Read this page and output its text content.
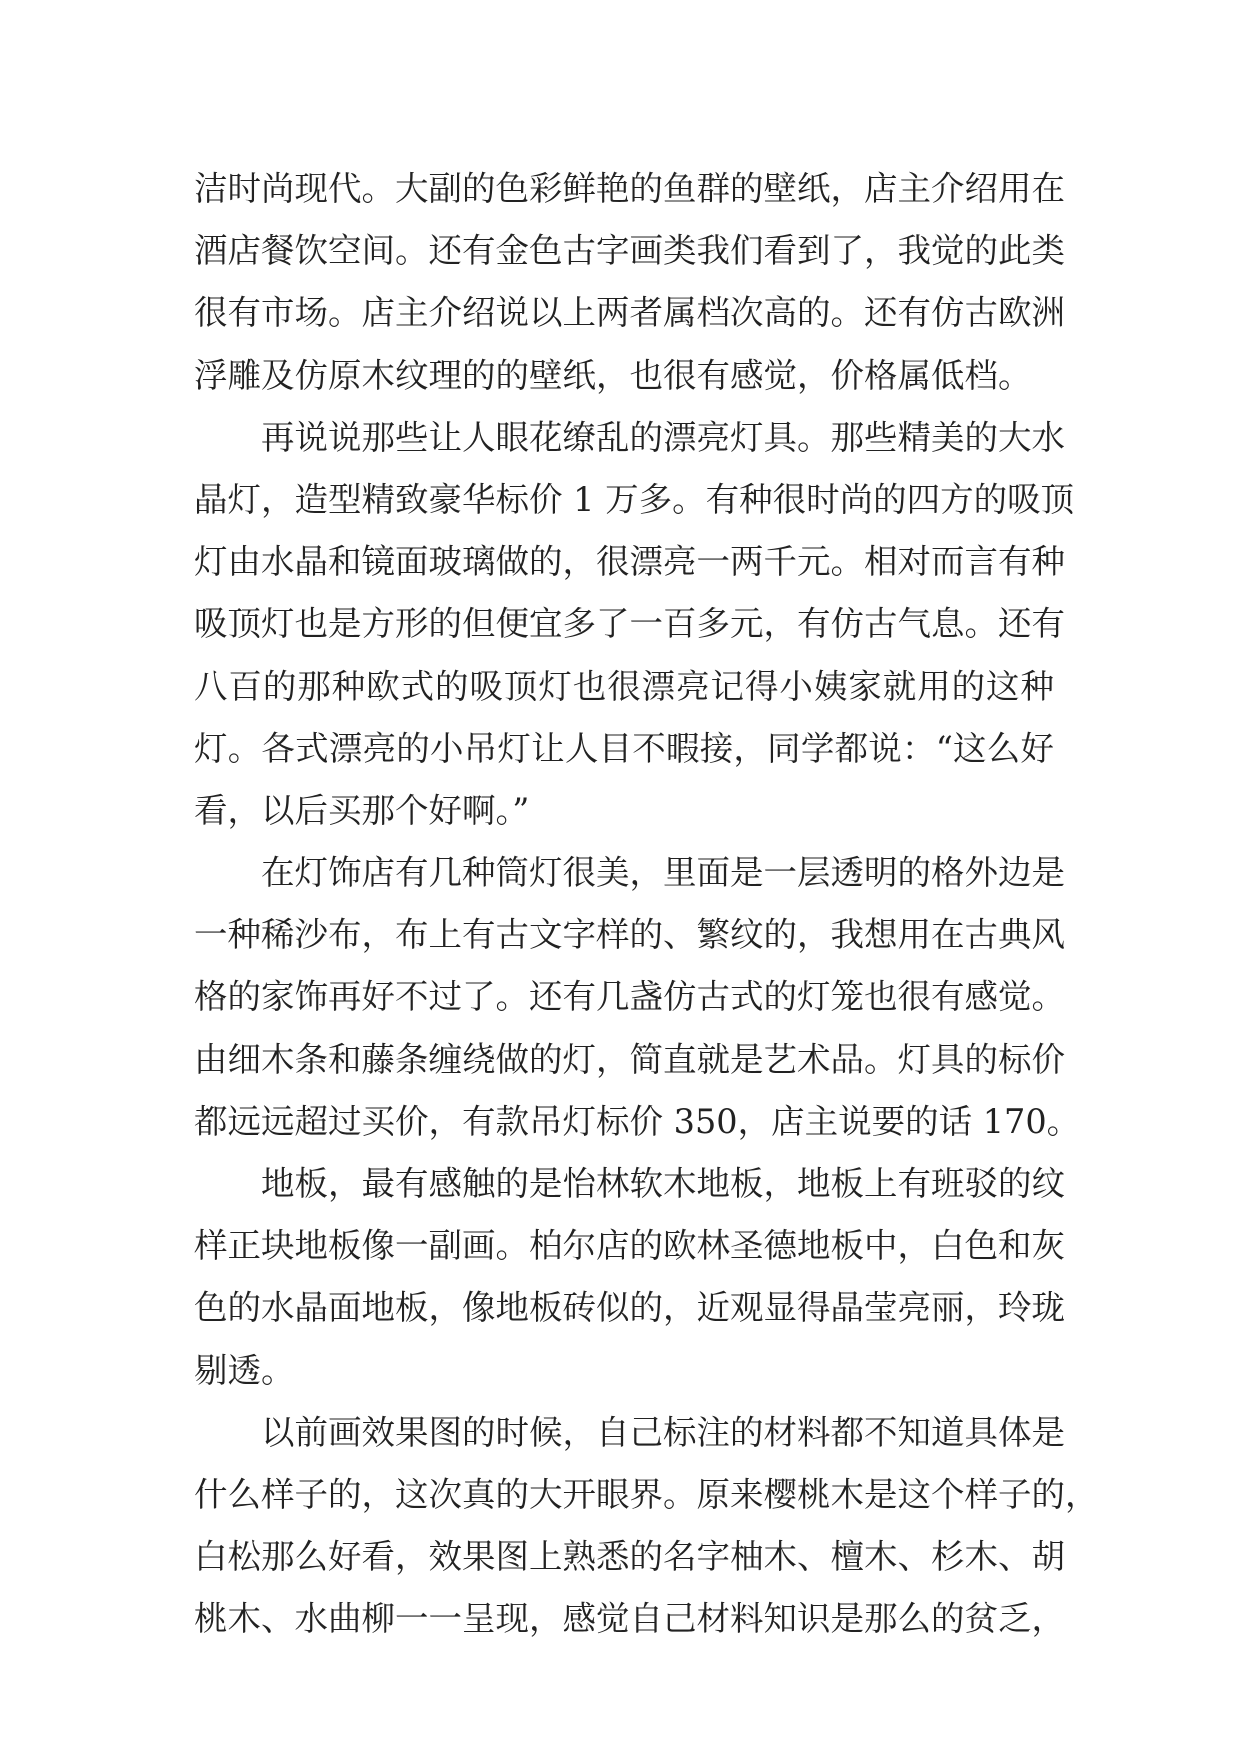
洁时尚现代。大副的色彩鲜艳的鱼群的壁纸，店主介绍用在
酒店餐饮空间。还有金色古字画类我们看到了，我觉的此类
很有市场。店主介绍说以上两者属档次高的。还有仿古欧洲
浮雕及仿原木纹理的的壁纸，也很有感觉，价格属低档。
再说说那些让人眼花缭乱的漂亮灯具。那些精美的大水
晶灯，造型精致豪华标价 1 万多。有种很时尚的四方的吸顶
灯由水晶和镜面玻璃做的，很漂亮一两千元。相对而言有种
吸顶灯也是方形的但便宜多了一百多元，有仿古气息。还有
八百的那种欧式的吸顶灯也很漂亮记得小姨家就用的这种
灯。各式漂亮的小吊灯让人目不暇接，同学都说：“这么好
看，以后买那个好啊。”
在灯饰店有几种筒灯很美，里面是一层透明的格外边是
一种稀沙布，布上有古文字样的、繁纹的，我想用在古典风
格的家饰再好不过了。还有几盏仿古式的灯笼也很有感觉。
由细木条和藤条缠绕做的灯，简直就是艺术品。灯具的标价
都远远超过买价，有款吊灯标价 350，店主说要的话 170。
地板，最有感触的是怡林软木地板，地板上有班驳的纹
样正块地板像一副画。柏尔店的欧林圣德地板中，白色和灰
色的水晶面地板，像地板砖似的，近观显得晶莹亮丽，玲珑
剔透。
以前画效果图的时候，自己标注的材料都不知道具体是
什么样子的，这次真的大开眼界。原来樱桃木是这个样子的，
白松那么好看，效果图上熟悉的名字柚木、檀木、杉木、胡
桃木、水曲柳一一呈现，感觉自己材料知识是那么的贫乏，
